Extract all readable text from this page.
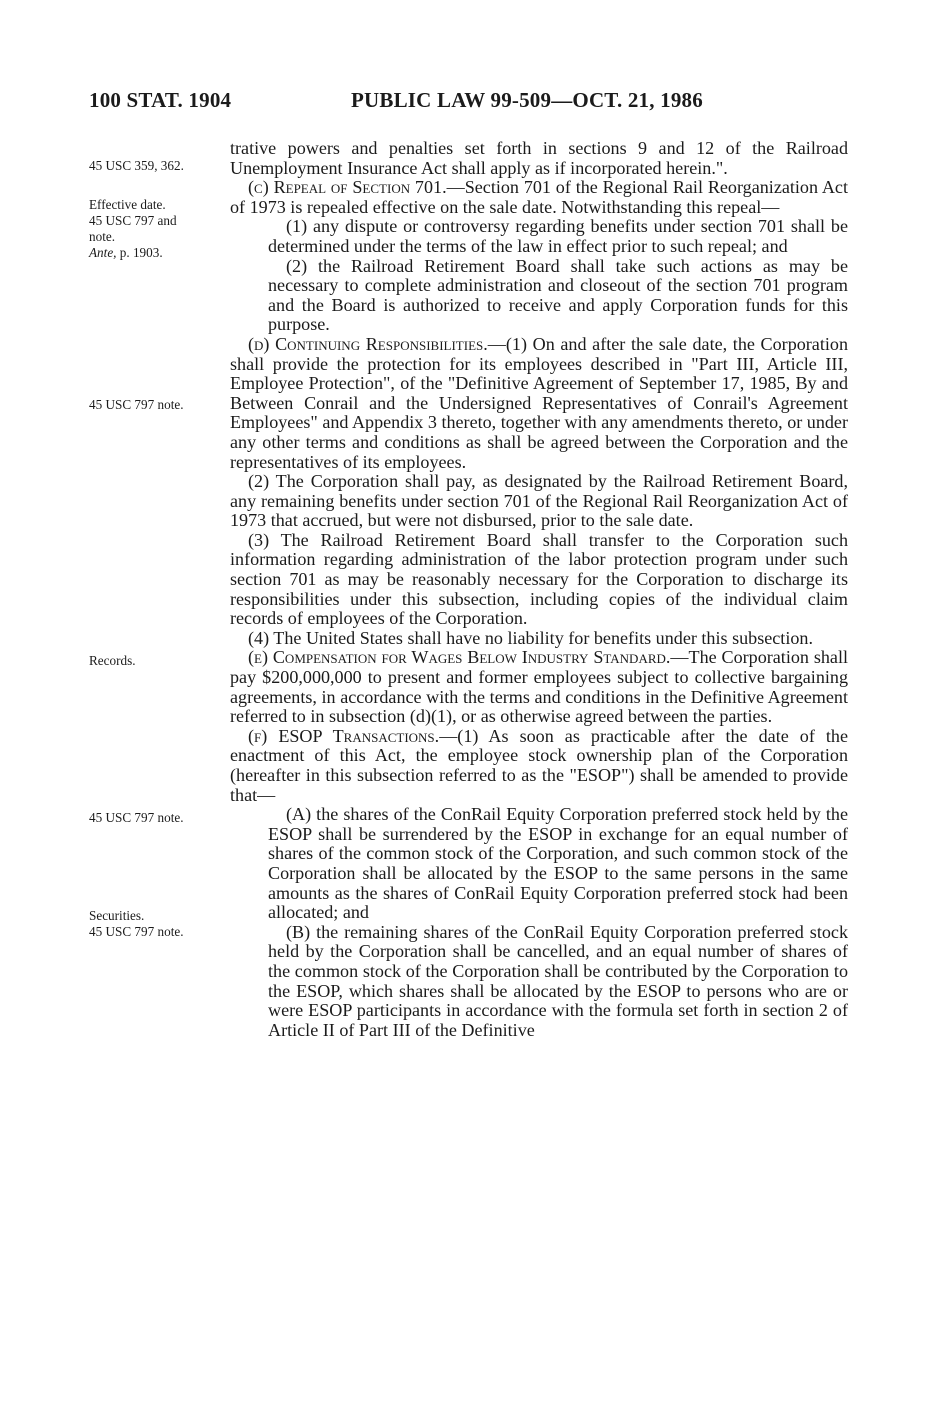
100 STAT. 1904	PUBLIC LAW 99-509—OCT. 21, 1986
45 USC 359, 362.
Effective date.
45 USC 797 and
note.
Ante, p. 1903.
45 USC 797 note.
Records.
45 USC 797 note.
Securities.
45 USC 797 note.

trative powers and penalties set forth in sections 9 and 12 of the Railroad Unemployment Insurance Act shall apply as if incorporated herein.".

(c) Repeal of Section 701.—Section 701 of the Regional Rail Reorganization Act of 1973 is repealed effective on the sale date. Notwithstanding this repeal—

(1) any dispute or controversy regarding benefits under section 701 shall be determined under the terms of the law in effect prior to such repeal; and

(2) the Railroad Retirement Board shall take such actions as may be necessary to complete administration and closeout of the section 701 program and the Board is authorized to receive and apply Corporation funds for this purpose.

(d) Continuing Responsibilities.—(1) On and after the sale date, the Corporation shall provide the protection for its employees described in "Part III, Article III, Employee Protection", of the "Definitive Agreement of September 17, 1985, By and Between Conrail and the Undersigned Representatives of Conrail's Agreement Employees" and Appendix 3 thereto, together with any amendments thereto, or under any other terms and conditions as shall be agreed between the Corporation and the representatives of its employees.

(2) The Corporation shall pay, as designated by the Railroad Retirement Board, any remaining benefits under section 701 of the Regional Rail Reorganization Act of 1973 that accrued, but were not disbursed, prior to the sale date.

(3) The Railroad Retirement Board shall transfer to the Corporation such information regarding administration of the labor protection program under such section 701 as may be reasonably necessary for the Corporation to discharge its responsibilities under this subsection, including copies of the individual claim records of employees of the Corporation.

(4) The United States shall have no liability for benefits under this subsection.

(e) Compensation for Wages Below Industry Standard.—The Corporation shall pay $200,000,000 to present and former employees subject to collective bargaining agreements, in accordance with the terms and conditions in the Definitive Agreement referred to in subsection (d)(1), or as otherwise agreed between the parties.

(f) ESOP Transactions.—(1) As soon as practicable after the date of the enactment of this Act, the employee stock ownership plan of the Corporation (hereafter in this subsection referred to as the "ESOP") shall be amended to provide that—

(A) the shares of the ConRail Equity Corporation preferred stock held by the ESOP shall be surrendered by the ESOP in exchange for an equal number of shares of the common stock of the Corporation, and such common stock of the Corporation shall be allocated by the ESOP to the same persons in the same amounts as the shares of ConRail Equity Corporation preferred stock had been allocated; and

(B) the remaining shares of the ConRail Equity Corporation preferred stock held by the Corporation shall be cancelled, and an equal number of shares of the common stock of the Corporation shall be contributed by the Corporation to the ESOP, which shares shall be allocated by the ESOP to persons who are or were ESOP participants in accordance with the formula set forth in section 2 of Article II of Part III of the Definitive
